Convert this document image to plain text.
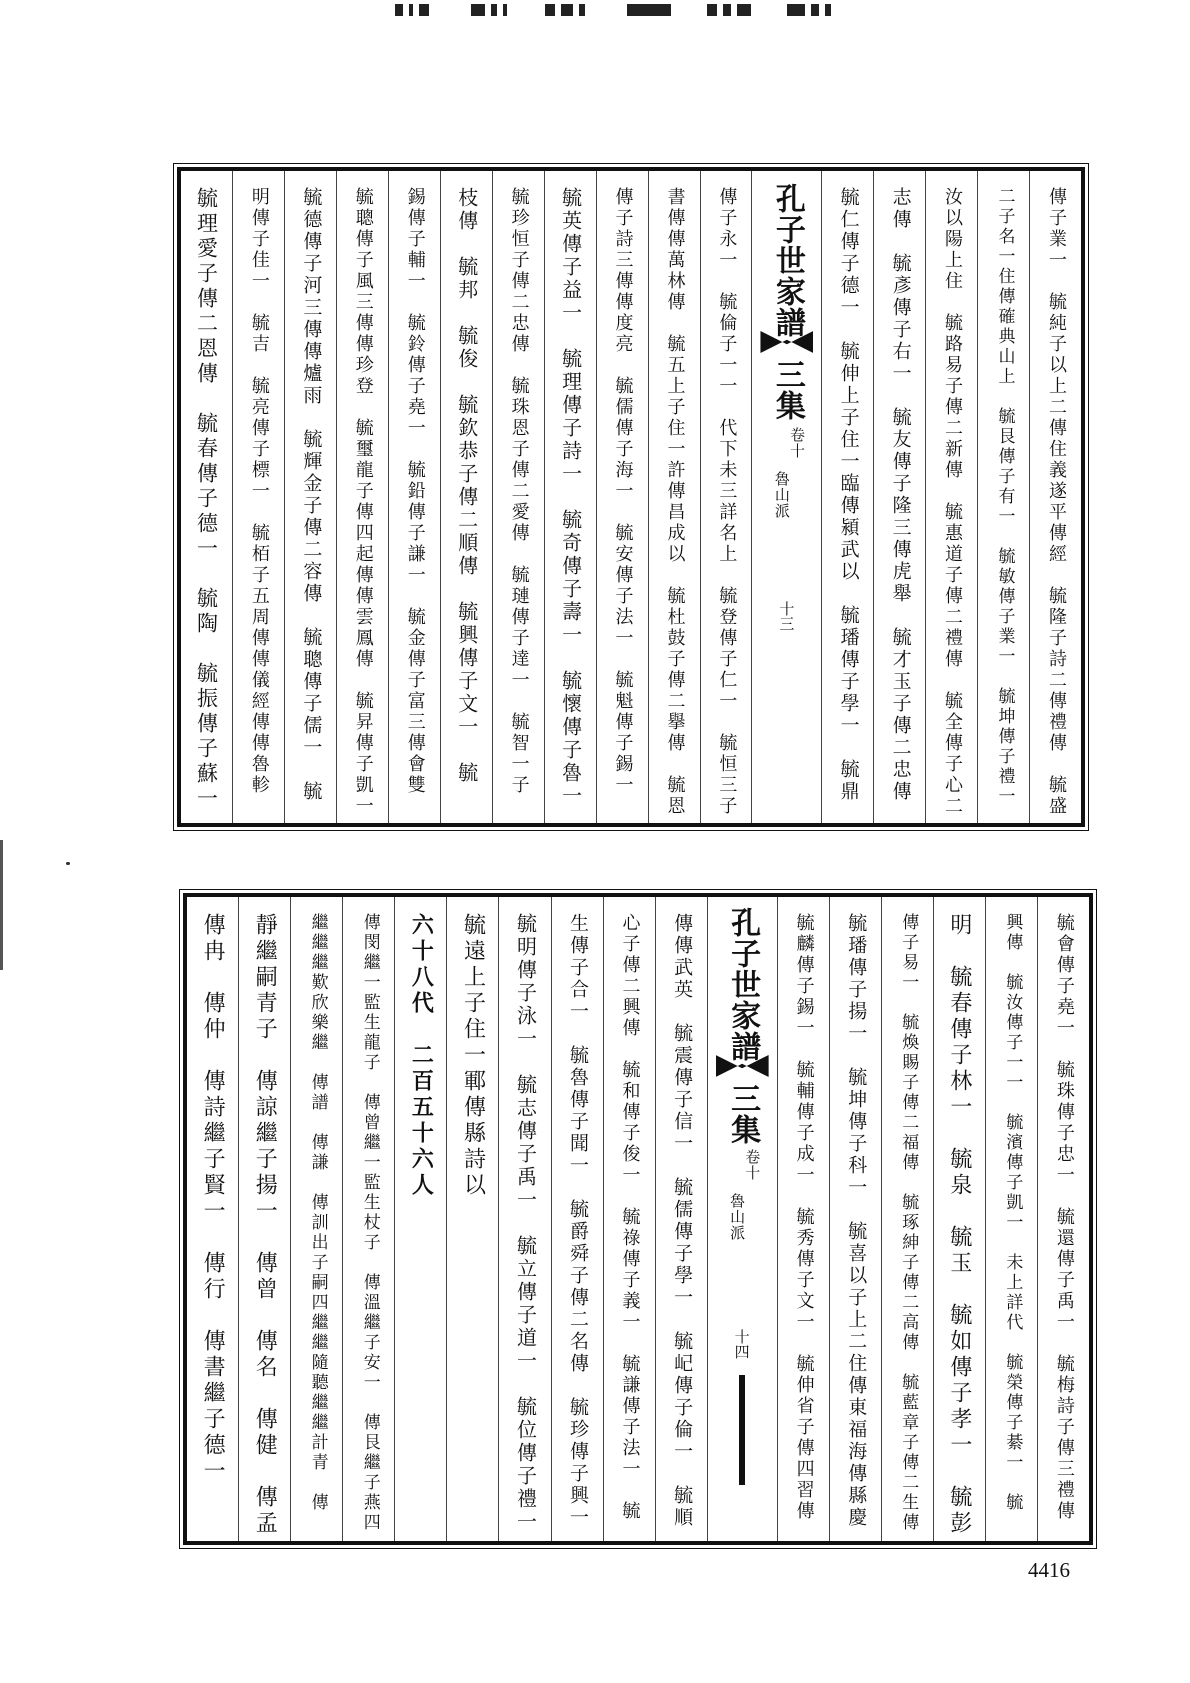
傳子業一　毓純子以上二傳住義遂平傳經　毓隆子詩二傳禮傳　毓盛
二子名一住傳確典山上　毓艮傳子有一　毓敏傳子業一　毓坤傳子禮一
汝以陽上住　毓路易子傳二新傳　毓惠道子傳二禮傳　毓全傳子心二
志傳　毓彥傳子右一　毓友傳子隆三傳虎舉　毓才玉子傳二忠傳
毓仁傳子德一　毓伸上子住一臨傳潁武以　毓璠傳子學一　毓鼎
孔子世家譜
三集
卷十
魯山派
十三
傳子永一　毓倫子一一　代下未三詳名上　毓登傳子仁一　毓恒三子
書傳傳萬林傳　毓五上子住一許傳昌成以　毓杜鼓子傳二擧傳　毓恩
傳子詩三傳傳度亮　毓儒傳子海一　毓安傳子法一　毓魁傳子錫一
毓英傳子益一　毓理傳子詩一　毓奇傳子壽一　毓懷傳子魯一
毓珍恒子傳二忠傳　毓珠恩子傳二愛傳　毓璉傳子達一　毓智一子
枝傳　毓邦　毓俊　毓欽恭子傳二順傳　毓興傳子文一　毓
錫傳子輔一　毓鈴傳子堯一　毓鉛傳子謙一　毓金傳子富三傳會雙
毓聰傳子風三傳傳珍登　毓璽龍子傳四起傳傳雲鳳傳　毓昇傳子凱一
毓德傳子河三傳傳爐雨　毓輝金子傳二容傳　毓聰傳子儒一　毓
明傳子佳一　毓吉　毓亮傳子標一　毓栢子五周傳傳儀經傳傳魯軫
毓理愛子傳二恩傳　毓春傳子德一　毓陶　毓振傳子蘇一
毓會傳子堯一　毓珠傳子忠一　毓還傳子禹一　毓梅詩子傳三禮傳
興傳　毓汝傳子一一　毓濱傳子凱一　未上詳代　毓榮傳子綦一　毓
明　毓春傳子林一　毓泉　毓玉　毓如傳子孝一　毓彭
傳子易一　毓煥賜子傳二福傳　毓琢紳子傳二高傳　毓藍章子傳二生傳
毓璠傳子揚一　毓坤傳子科一　毓喜以子上二住傳東福海傳縣慶
毓麟傳子錫一　毓輔傳子成一　毓秀傳子文一　毓伸省子傳四習傳
孔子世家譜
三集
卷十
魯山派
十四
傳傳武英　毓震傳子信一　毓儒傳子學一　毓屺傳子倫一　毓順
心子傳二興傳　毓和傳子俊一　毓祿傳子義一　毓謙傳子法一　毓
生傳子合一　毓魯傳子聞一　毓爵舜子傳二名傳　毓珍傳子興一
毓明傳子泳一　毓志傳子禹一　毓立傳子道一　毓位傳子禮一
毓遠上子住一鄆傳縣詩以
六十八代　二百五十六人
傳閔繼一監生龍子　傳曾繼一監生杖子　傳溫繼子安一　傳艮繼子燕四
繼繼繼歎欣樂繼　傳譜　傳謙　傳訓出子嗣四繼繼隨聽繼繼計青　傳
靜繼嗣青子　傳諒繼子揚一　傳曾　傳名　傳健　傳孟
傳冉　傳仲　傳詩繼子賢一　傳行　傳書繼子德一
4416
